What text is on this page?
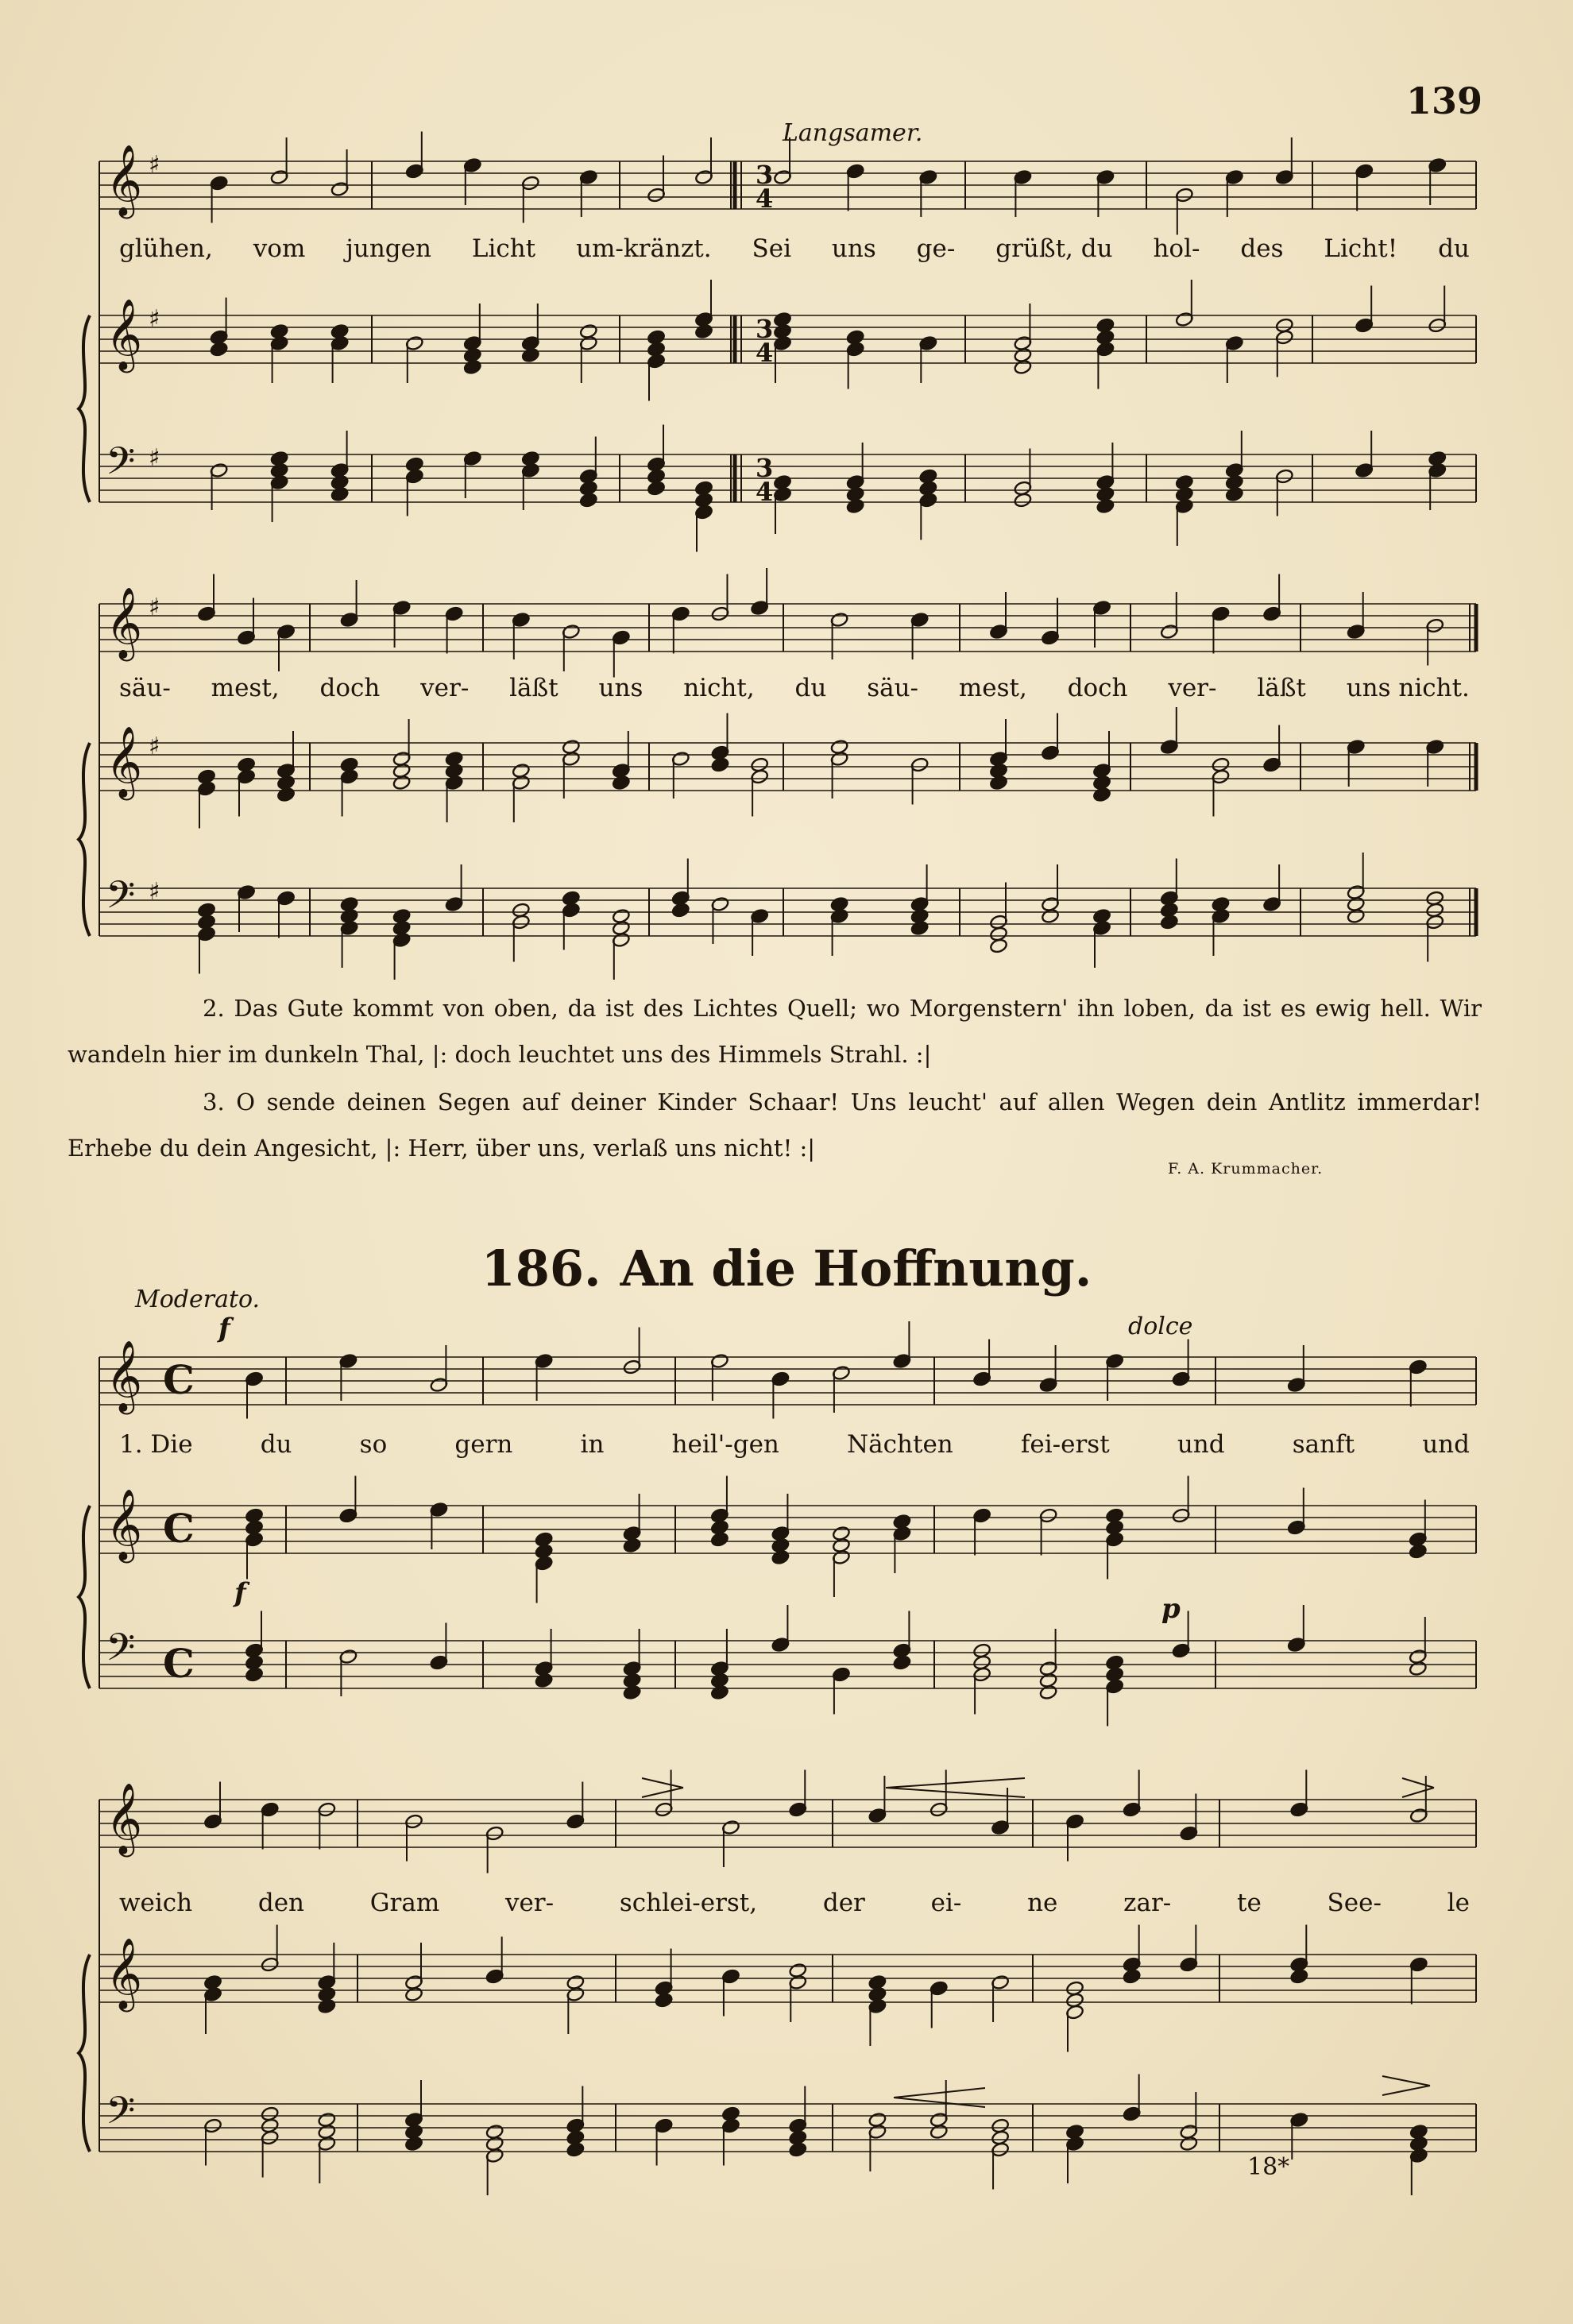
139
𝄞 ♯	3
4
𝄞 ♯	3
4
𝄢 ♯	3
4
𝄞 ♯
𝄞 ♯
𝄢 ♯
𝄞 C
𝄞 C
𝄢 C
𝄞
𝄞
𝄢
Langsamer.
glühen, vom jungen Licht um-kränzt. Sei uns ge- grüßt, du hol- des Licht! du
säu- mest, doch ver- läßt uns nicht, du säu- mest, doch ver- läßt uns nicht.
2. Das Gute kommt von oben, da ist des Lichtes Quell; wo Morgenstern' ihn loben, da ist es ewig hell. Wir wandeln hier im dunkeln Thal, |: doch leuchtet uns des Himmels Strahl. :|
3. O sende deinen Segen auf deiner Kinder Schaar! Uns leucht' auf allen Wegen dein Antlitz immerdar! Erhebe du dein Angesicht, |: Herr, über uns, verlaß uns nicht! :|
F. A. Krummacher.
186. An die Hoffnung.
Moderato.
f	dolce
f	p
1. Die	du	so	gern	in	heil'-gen	Nächten	fei-erst	und	sanft	und
weich	den	Gram	ver-	schlei-erst,	der	ei-	ne	zar-	te	See-	le
18*
